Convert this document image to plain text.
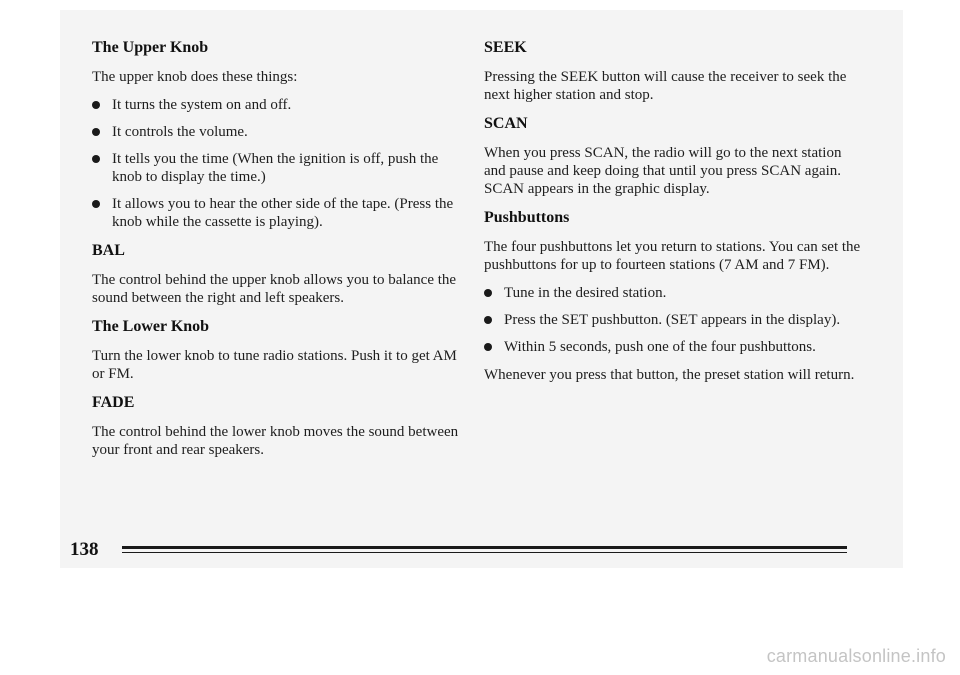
The Upper Knob

The upper knob does these things:

It turns the system on and off.
It controls the volume.
It tells you the time (When the ignition is off, push the knob to display the time.)
It allows you to hear the other side of the tape. (Press the knob while the cassette is playing).
BAL

The control behind the upper knob allows you to balance the sound between the right and left speakers.

The Lower Knob

Turn the lower knob to tune radio stations. Push it to get AM or FM.

FADE

The control behind the lower knob moves the sound between your front and rear speakers.

SEEK

Pressing the SEEK button will cause the receiver to seek the next higher station and stop.

SCAN

When you press SCAN, the radio will go to the next station and pause and keep doing that until you press SCAN again. SCAN appears in the graphic display.

Pushbuttons

The four pushbuttons let you return to stations. You can set the pushbuttons for up to fourteen stations (7 AM and 7 FM).

Tune in the desired station.
Press the SET pushbutton. (SET appears in the display).
Within 5 seconds, push one of the four pushbuttons.

Whenever you press that button, the preset station will return.

138
carmanualsonline.info
